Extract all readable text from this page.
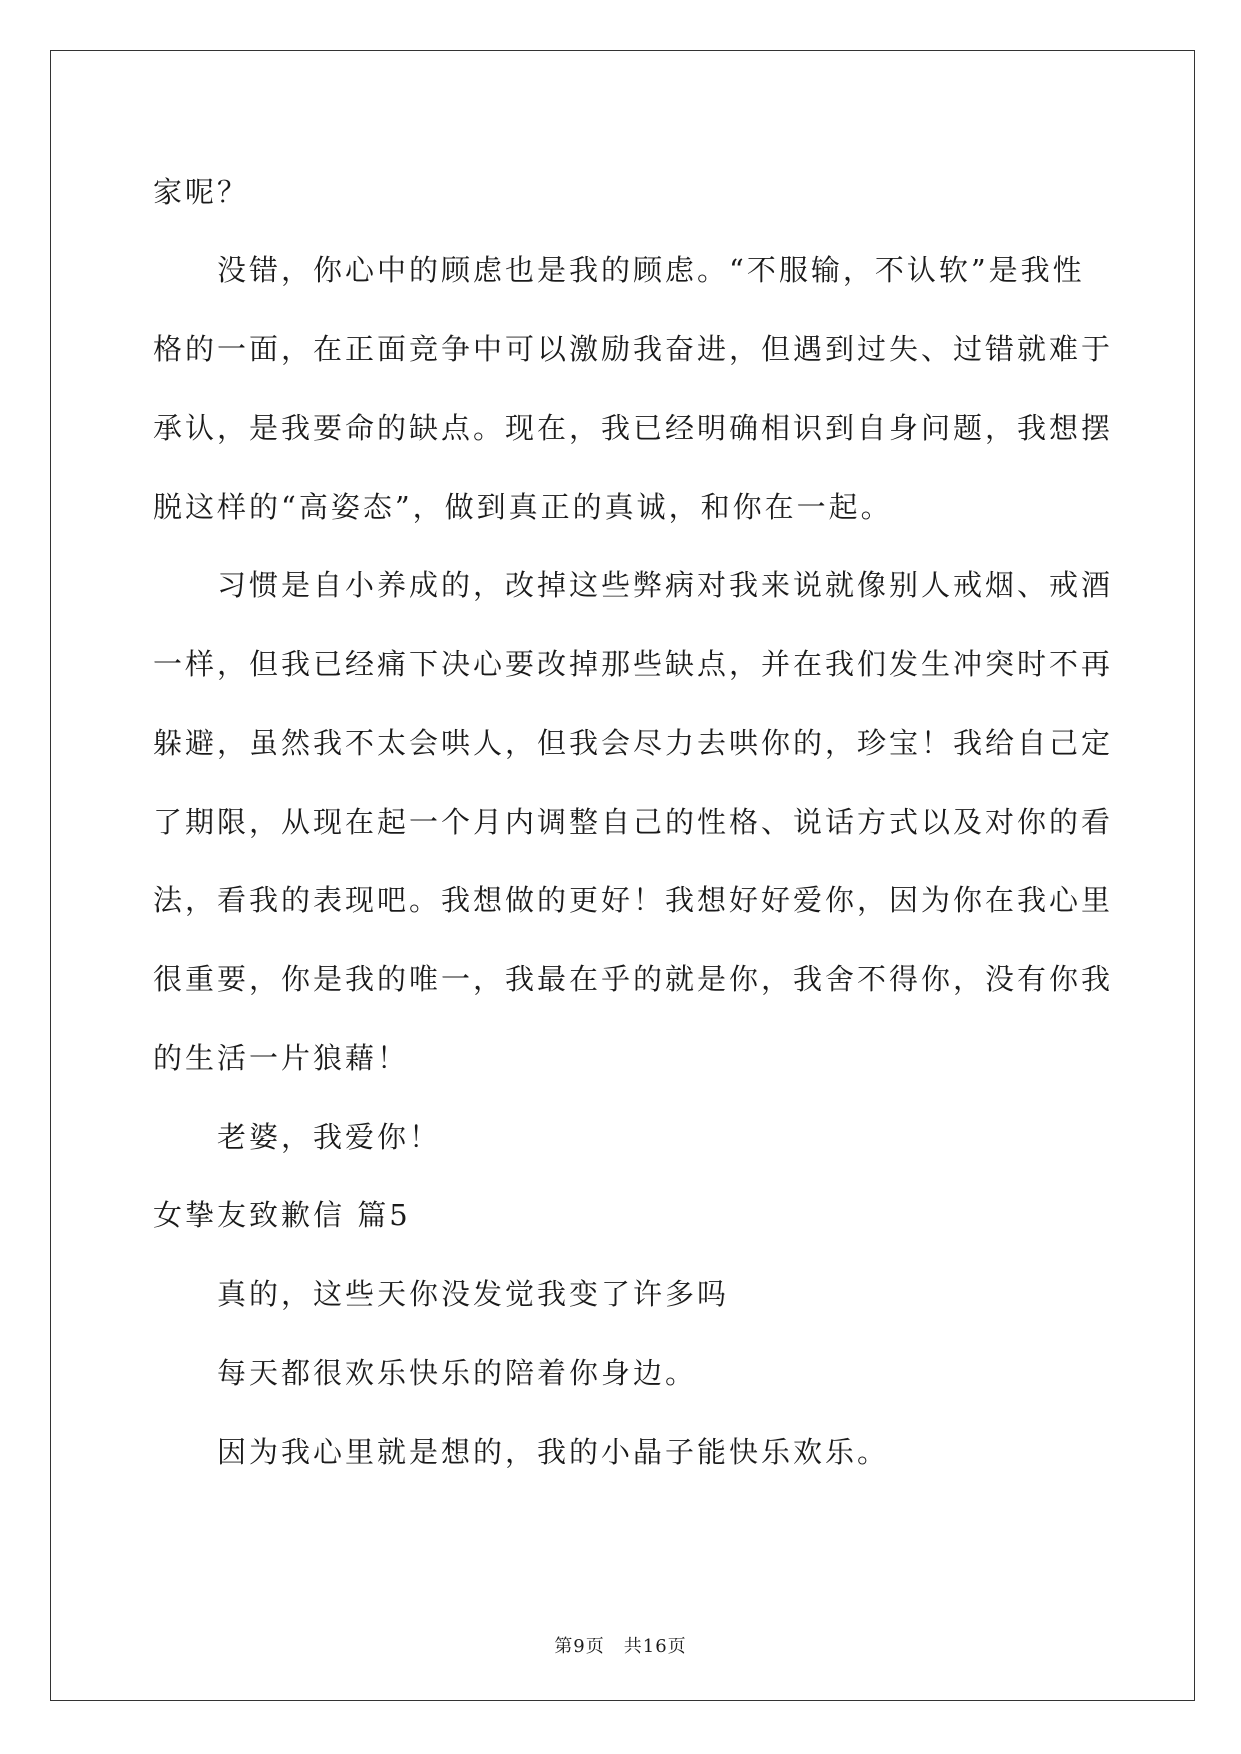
家呢？
没错，你心中的顾虑也是我的顾虑。“不服输，不认软”是我性
格的一面，在正面竞争中可以激励我奋进，但遇到过失、过错就难于
承认，是我要命的缺点。现在，我已经明确相识到自身问题，我想摆
脱这样的“高姿态”，做到真正的真诚，和你在一起。
习惯是自小养成的，改掉这些弊病对我来说就像别人戒烟、戒酒
一样，但我已经痛下决心要改掉那些缺点，并在我们发生冲突时不再
躲避，虽然我不太会哄人，但我会尽力去哄你的，珍宝！我给自己定
了期限，从现在起一个月内调整自己的性格、说话方式以及对你的看
法，看我的表现吧。我想做的更好！我想好好爱你，因为你在我心里
很重要，你是我的唯一，我最在乎的就是你，我舍不得你，没有你我
的生活一片狼藉！
老婆，我爱你！
女挚友致歉信 篇5
真的，这些天你没发觉我变了许多吗
每天都很欢乐快乐的陪着你身边。
因为我心里就是想的，我的小晶子能快乐欢乐。
第9页　共16页
